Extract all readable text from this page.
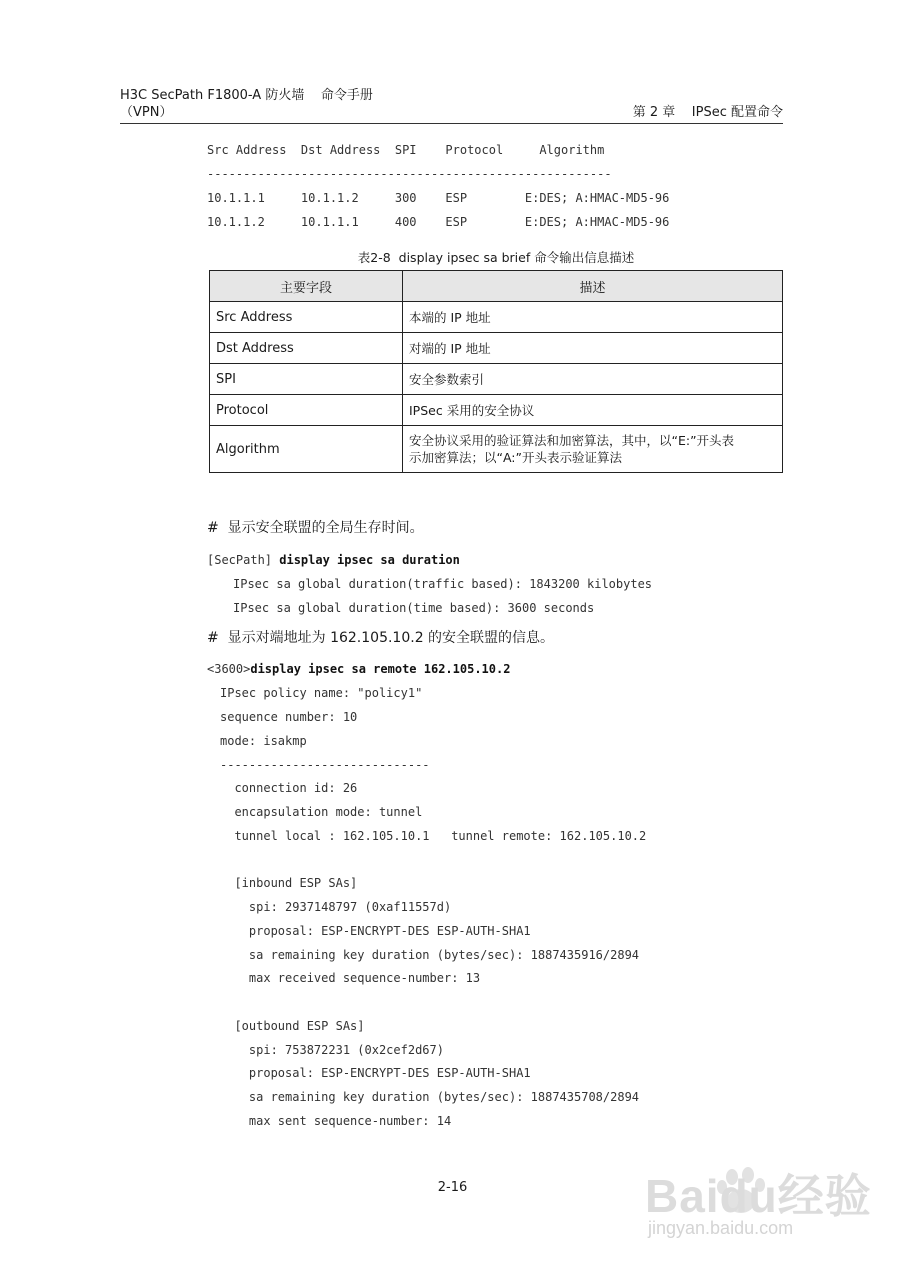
H3C SecPath F1800-A 防火墙    命令手册
（VPN）	第 2 章    IPSec 配置命令
Src Address  Dst Address  SPI    Protocol     Algorithm
--------------------------------------------------------
10.1.1.1     10.1.1.2     300    ESP        E:DES; A:HMAC-MD5-96
10.1.1.2     10.1.1.1     400    ESP        E:DES; A:HMAC-MD5-96
表2-8  display ipsec sa brief 命令输出信息描述
主要字段	描述
Src Address	本端的 IP 地址
Dst Address	对端的 IP 地址
SPI	安全参数索引
Protocol	IPSec 采用的安全协议
Algorithm	安全协议采用的验证算法和加密算法，其中，以“E:”开头表
示加密算法；以“A:”开头表示验证算法
#  显示安全联盟的全局生存时间。
[SecPath] display ipsec sa duration
IPsec sa global duration(traffic based): 1843200 kilobytes
IPsec sa global duration(time based): 3600 seconds
#  显示对端地址为 162.105.10.2 的安全联盟的信息。
<3600>display ipsec sa remote 162.105.10.2
IPsec policy name: "policy1"
sequence number: 10
mode: isakmp
-----------------------------
connection id: 26
encapsulation mode: tunnel
tunnel local : 162.105.10.1   tunnel remote: 162.105.10.2
[inbound ESP SAs]
spi: 2937148797 (0xaf11557d)
proposal: ESP-ENCRYPT-DES ESP-AUTH-SHA1
sa remaining key duration (bytes/sec): 1887435916/2894
max received sequence-number: 13
[outbound ESP SAs]
spi: 753872231 (0x2cef2d67)
proposal: ESP-ENCRYPT-DES ESP-AUTH-SHA1
sa remaining key duration (bytes/sec): 1887435708/2894
max sent sequence-number: 14
2-16

	Baidu经验
jingyan.baidu.com
